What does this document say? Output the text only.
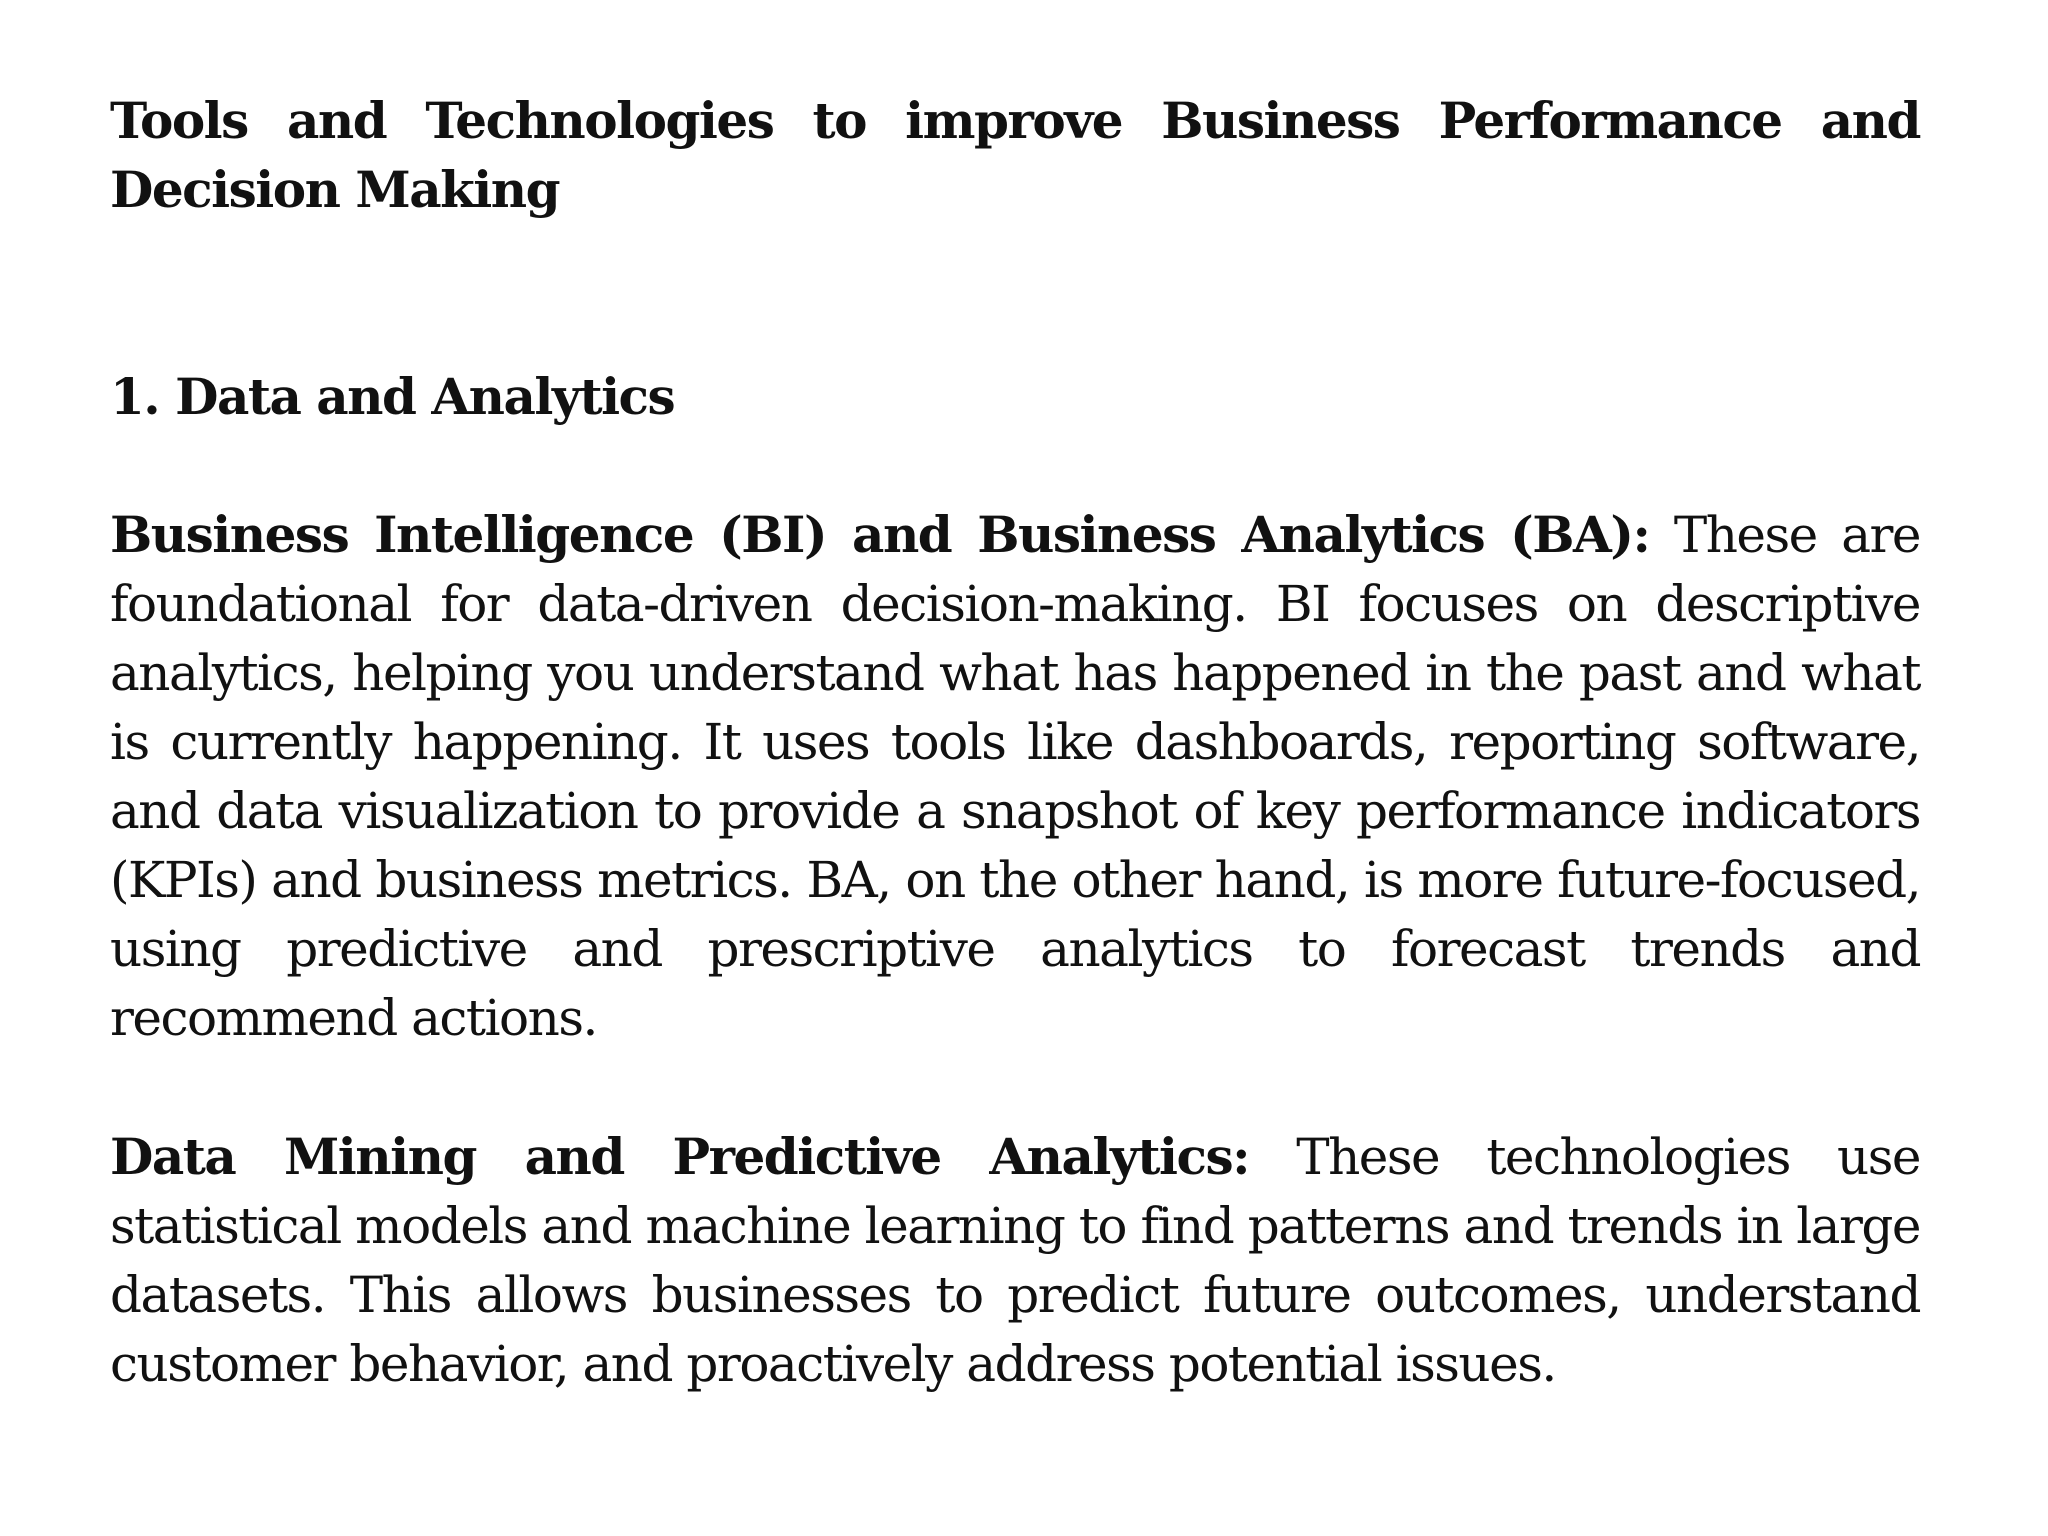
Tools and Technologies to improve Business Performance and Decision Making
1. Data and Analytics

Business Intelligence (BI) and Business Analytics (BA): These are foundational for data-driven decision-making. BI focuses on descriptive analytics, helping you understand what has happened in the past and what is currently happening. It uses tools like dashboards, reporting software, and data visualization to provide a snapshot of key performance indicators (KPIs) and business metrics. BA, on the other hand, is more future-focused, using predictive and prescriptive analytics to forecast trends and recommend actions.

Data Mining and Predictive Analytics: These technologies use statistical models and machine learning to find patterns and trends in large datasets. This allows businesses to predict future outcomes, understand customer behavior, and proactively address potential issues.
